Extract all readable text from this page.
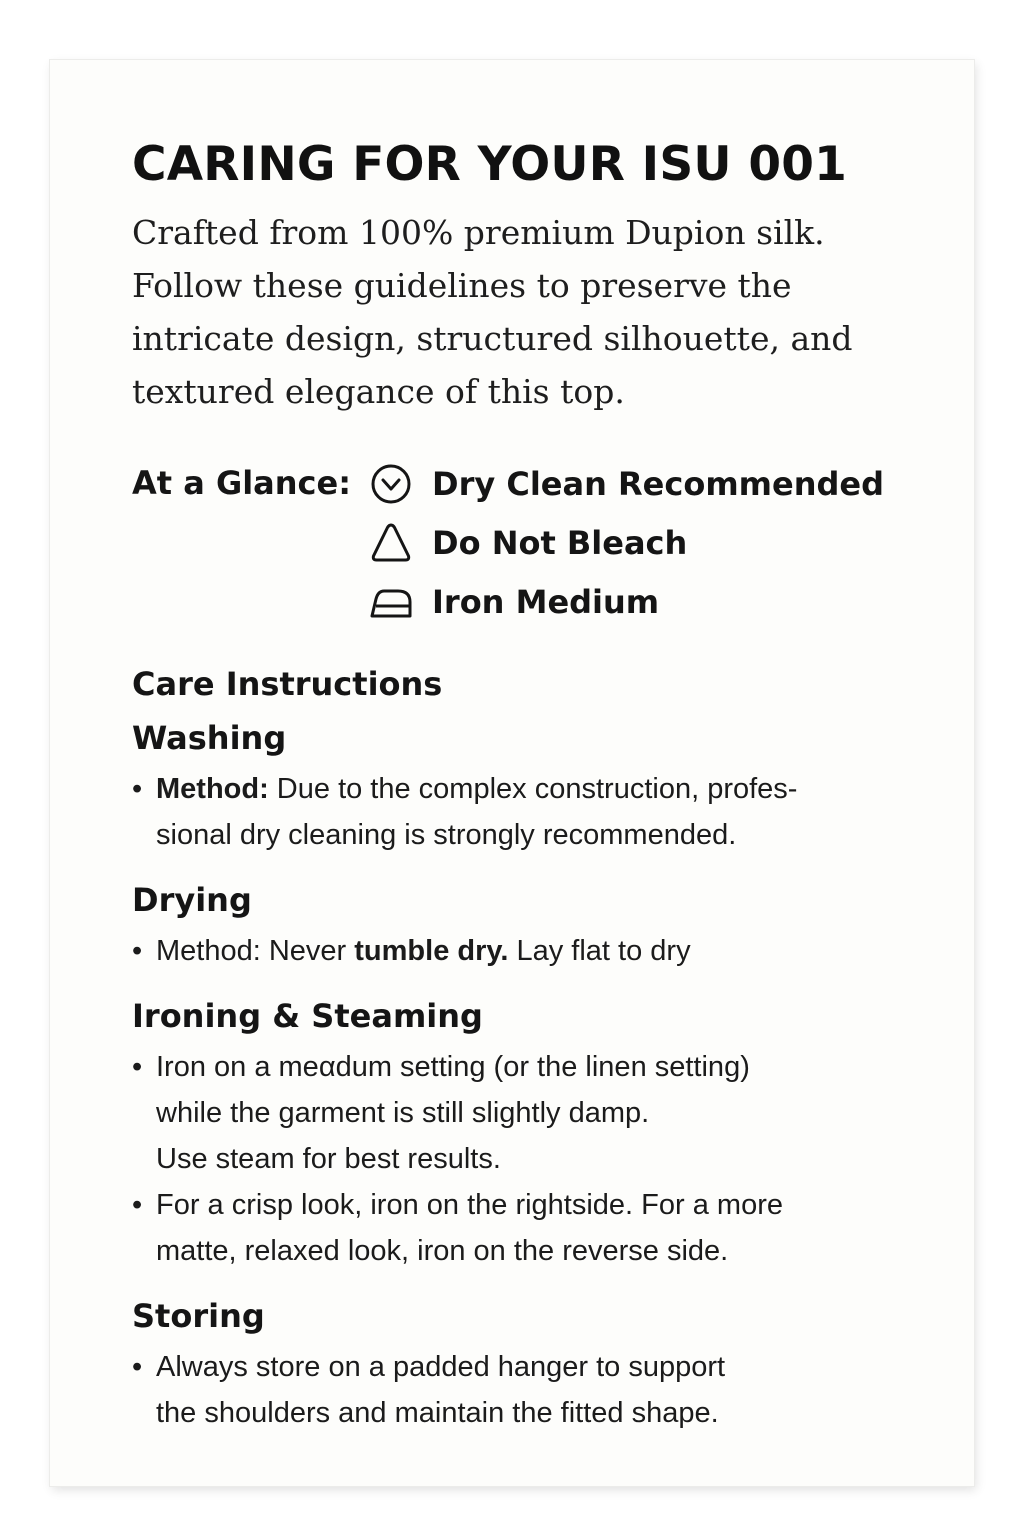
CARING FOR YOUR ISU 001

Crafted from 100% premium Dupion silk.
Follow these guidelines to preserve the
intricate design, structured silhouette, and
textured elegance of this top.

At a Glance:	Dry Clean Recommended
Do Not Bleach
Iron Medium
Care Instructions
Washing
• Method: Due to the complex construction, profes-
sional dry cleaning is strongly recommended.
Drying
• Method: Never tumble dry. Lay flat to dry
Ironing & Steaming
• Iron on a meαdum setting (or the linen setting)
while the garment is still slightly damp.
Use steam for best results.
• For a crisp look, iron on the rightside. For a more
matte, relaxed look, iron on the reverse side.
Storing
• Always store on a padded hanger to support
the shoulders and maintain the fitted shape.
